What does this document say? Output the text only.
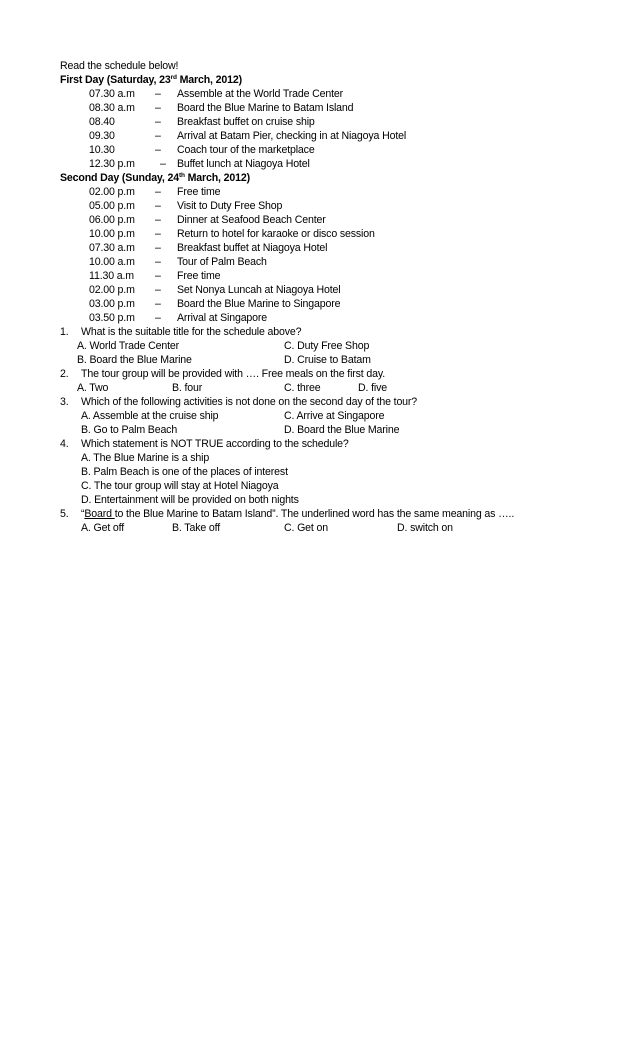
Read the schedule below!
First Day (Saturday, 23rd March, 2012)
07.30 a.m – Assemble at the World Trade Center
08.30 a.m – Board the Blue Marine to Batam Island
08.40	– Breakfast buffet on cruise ship
09.30	– Arrival at Batam Pier, checking in at Niagoya Hotel
10.30	– Coach tour of the marketplace
12.30 p.m – Buffet lunch at Niagoya Hotel
Second Day (Sunday, 24th March, 2012)
02.00 p.m – Free time
05.00 p.m – Visit to Duty Free Shop
06.00 p.m – Dinner at Seafood Beach Center
10.00 p.m – Return to hotel for karaoke or disco session
07.30 a.m – Breakfast buffet at Niagoya Hotel
10.00 a.m – Tour of Palm Beach
11.30 a.m – Free time
02.00 p.m – Set Nonya Luncah at Niagoya Hotel
03.00 p.m – Board the Blue Marine to Singapore
03.50 p.m – Arrival at Singapore
1. What is the suitable title for the schedule above?
A. World Trade Center	C. Duty Free Shop
B. Board the Blue Marine	D. Cruise to Batam
2. The tour group will be provided with …. Free meals on the first day.
A. Two	B. four	C. three	D. five
3. Which of the following activities is not done on the second day of the tour?
A. Assemble at the cruise ship	C. Arrive at Singapore
B. Go to Palm Beach	D. Board the Blue Marine
4. Which statement is NOT TRUE according to the schedule?
A. The Blue Marine is a ship
B. Palm Beach is one of the places of interest
C. The tour group will stay at Hotel Niagoya
D. Entertainment will be provided on both nights
5. “Board to the Blue Marine to Batam Island”. The underlined word has the same meaning as …..
A. Get off	B. Take off	C. Get on	D. switch on
